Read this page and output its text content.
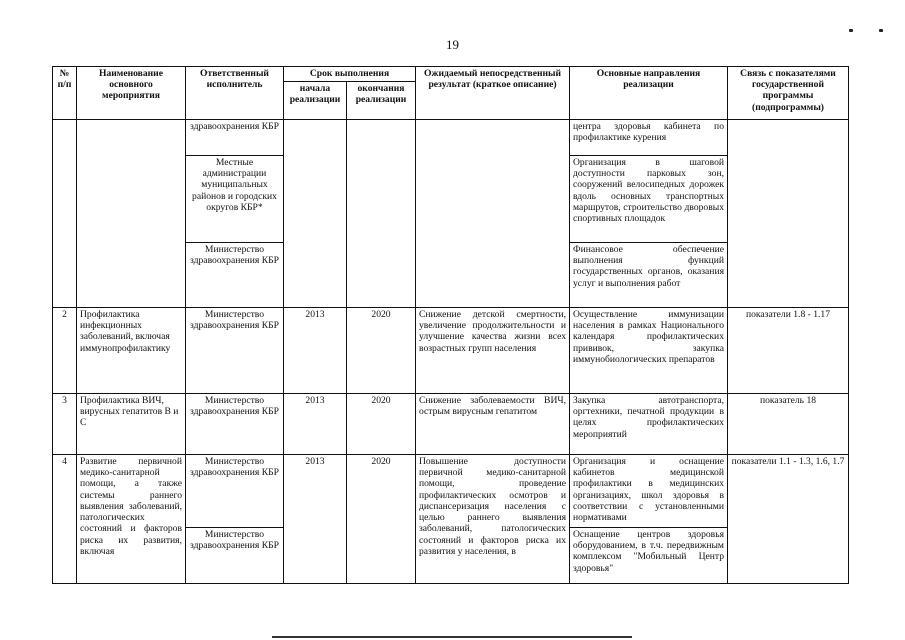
19
№ п/п	Наименование основного мероприятия	Ответственный исполнитель	Срок выполнения		Ожидаемый непосредственный результат (краткое описание)	Основные направления реализации	Связь с показателями государственной программы (подпрограммы)
			начала реализации	окончания реализации			
		здравоохранения КБР				центра здоровья кабинета по профилактике курения	
		Местные администрации муниципальных районов и городских округов КБР*				Организация в шаговой доступности парковых зон, сооружений велосипедных дорожек вдоль основных транспортных маршрутов, строительство дворовых спортивных площадок	
		Министерство здравоохранения КБР				Финансовое обеспечение выполнения функций государственных органов, оказания услуг и выполнения работ	
2	Профилактика инфекционных заболеваний, включая иммунопрофилактику	Министерство здравоохранения КБР	2013	2020	Снижение детской смертности, увеличение продолжительности и улучшение качества жизни всех возрастных групп населения	Осуществление иммунизации населения в рамках Национального календаря профилактических прививок, закупка иммунобиологических препаратов	показатели 1.8 - 1.17
3	Профилактика ВИЧ, вирусных гепатитов В и С	Министерство здравоохранения КБР	2013	2020	Снижение заболеваемости ВИЧ, острым вирусным гепатитом	Закупка автотранспорта, оргтехники, печатной продукции в целях профилактических мероприятий	показатель 18
4	Развитие первичной медико-санитарной помощи, а также системы раннего выявления заболеваний, патологических состояний и факторов риска их развития, включая	Министерство здравоохранения КБР	2013	2020	Повышение доступности первичной медико-санитарной помощи, проведение профилактических осмотров и диспансеризация населения с целью раннего выявления заболеваний, патологических состояний и факторов риска их развития у населения, в	Организация и оснащение кабинетов медицинской профилактики в медицинских организациях, школ здоровья в соответствии с установленными нормативами	показатели 1.1 - 1.3, 1.6, 1.7
		Министерство здравоохранения КБР				Оснащение центров здоровья оборудованием, в т.ч. передвижным комплексом "Мобильный Центр здоровья"	
